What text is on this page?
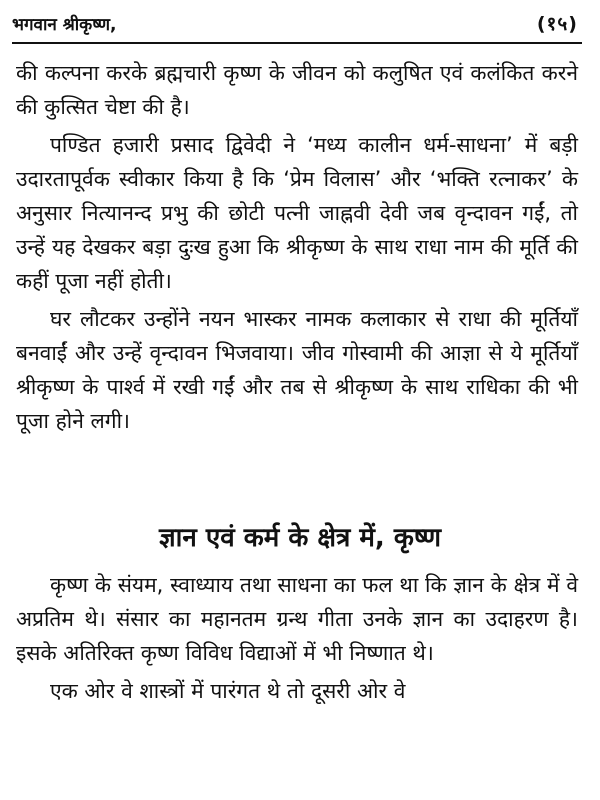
भगवान श्रीकृष्ण,	(१५)

की कल्पना करके ब्रह्मचारी कृष्ण के जीवन को कलुषित एवं कलंकित करने की कुत्सित चेष्टा की है।

पण्डित हजारी प्रसाद द्विवेदी ने ‘मध्य कालीन धर्म-साधना’ में बड़ी उदारतापूर्वक स्वीकार किया है कि ‘प्रेम विलास’ और ‘भक्ति रत्नाकर’ के अनुसार नित्यानन्द प्रभु की छोटी पत्नी जाह्नवी देवी जब वृन्दावन गईं, तो उन्हें यह देखकर बड़ा दुःख हुआ कि श्रीकृष्ण के साथ राधा नाम की मूर्ति की कहीं पूजा नहीं होती।

घर लौटकर उन्होंने नयन भास्कर नामक कलाकार से राधा की मूर्तियाँ बनवाईं और उन्हें वृन्दावन भिजवाया। जीव गोस्वामी की आज्ञा से ये मूर्तियाँ श्रीकृष्ण के पार्श्व में रखी गईं और तब से श्रीकृष्ण के साथ राधिका की भी पूजा होने लगी।

ज्ञान एवं कर्म के क्षेत्र में, कृष्ण

कृष्ण के संयम, स्वाध्याय तथा साधना का फल था कि ज्ञान के क्षेत्र में वे अप्रतिम थे। संसार का महानतम ग्रन्थ गीता उनके ज्ञान का उदाहरण है। इसके अतिरिक्त कृष्ण विविध विद्याओं में भी निष्णात थे।

एक ओर वे शास्त्रों में पारंगत थे तो दूसरी ओर वे
